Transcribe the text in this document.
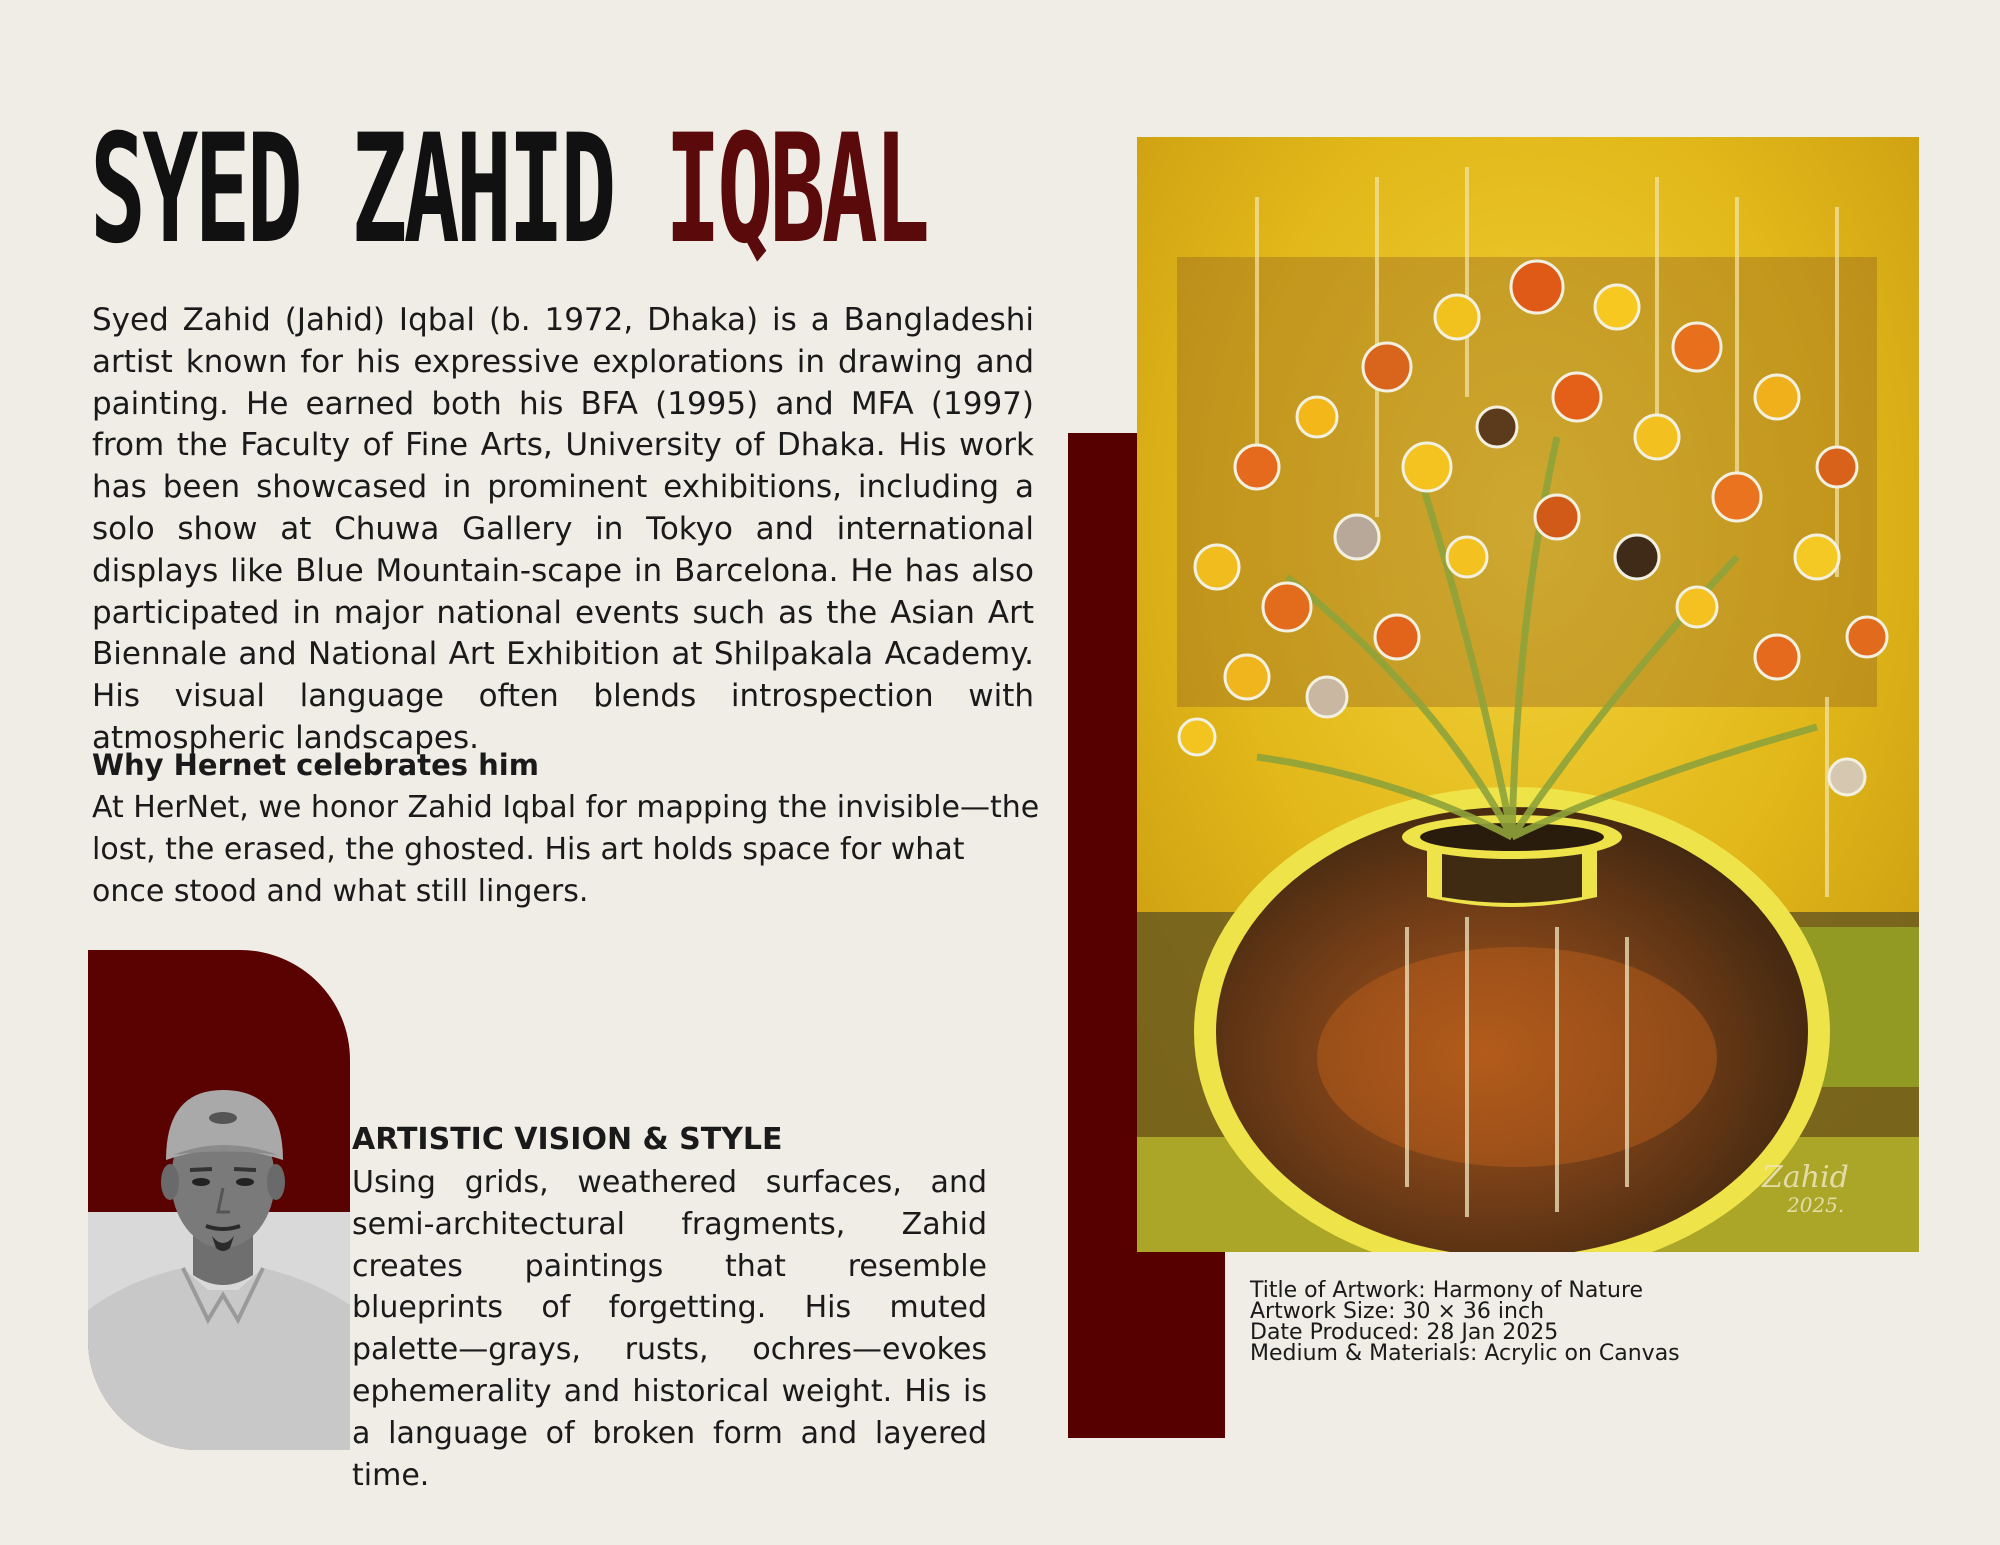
SYED ZAHID IQBAL

Syed Zahid (Jahid) Iqbal (b. 1972, Dhaka) is a Bangladeshi artist known for his expressive explorations in drawing and painting. He earned both his BFA (1995) and MFA (1997) from the Faculty of Fine Arts, University of Dhaka. His work has been showcased in prominent exhibitions, including a solo show at Chuwa Gallery in Tokyo and international displays like Blue Mountain-scape in Barcelona. He has also participated in major national events such as the Asian Art Biennale and National Art Exhibition at Shilpakala Academy. His visual language often blends introspection with atmospheric landscapes.

Why Hernet celebrates him

At HerNet, we honor Zahid Iqbal for mapping the invisible—the lost, the erased, the ghosted. His art holds space for what once stood and what still lingers.

ARTISTIC VISION & STYLE

Using grids, weathered surfaces, and semi-architectural fragments, Zahid creates paintings that resemble blueprints of forgetting. His muted palette—grays, rusts, ochres—evokes ephemerality and historical weight. His is a language of broken form and layered time.

Zahid
2025.
Title of Artwork: Harmony of Nature
Artwork Size: 30 × 36 inch
Date Produced: 28 Jan 2025
Medium & Materials: Acrylic on Canvas
